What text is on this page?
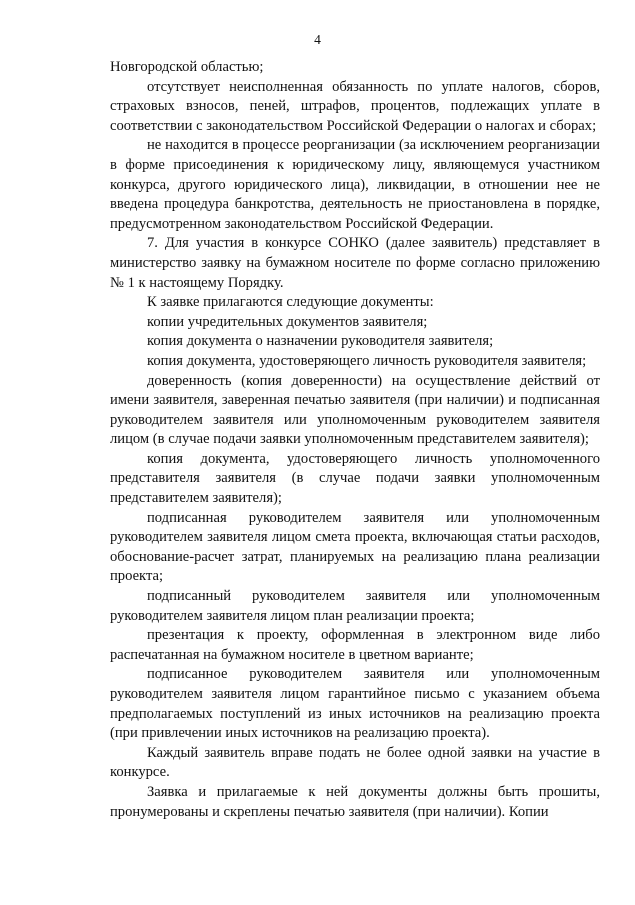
4

Новгородской областью;

отсутствует неисполненная обязанность по уплате налогов, сборов, страховых взносов, пеней, штрафов, процентов, подлежащих уплате в соответствии с законодательством Российской Федерации о налогах и сборах;

не находится в процессе реорганизации (за исключением реорганизации в форме присоединения к юридическому лицу, являющемуся участником конкурса, другого юридического лица), ликвидации, в отношении нее не введена процедура банкротства, деятельность не приостановлена в порядке, предусмотренном законодательством Российской Федерации.

7. Для участия в конкурсе СОНКО (далее заявитель) представляет в министерство заявку на бумажном носителе по форме согласно приложению № 1 к настоящему Порядку.

К заявке прилагаются следующие документы:

копии учредительных документов заявителя;

копия документа о назначении руководителя заявителя;

копия документа, удостоверяющего личность руководителя заявителя;

доверенность (копия доверенности) на осуществление действий от имени заявителя, заверенная печатью заявителя (при наличии) и подписанная руководителем заявителя или уполномоченным руководителем заявителя лицом (в случае подачи заявки уполномоченным представителем заявителя);

копия документа, удостоверяющего личность уполномоченного представителя заявителя (в случае подачи заявки уполномоченным представителем заявителя);

подписанная руководителем заявителя или уполномоченным руководителем заявителя лицом смета проекта, включающая статьи расходов, обоснование-расчет затрат, планируемых на реализацию плана реализации проекта;

подписанный руководителем заявителя или уполномоченным руководителем заявителя лицом план реализации проекта;

презентация к проекту, оформленная в электронном виде либо распечатанная на бумажном носителе в цветном варианте;

подписанное руководителем заявителя или уполномоченным руководителем заявителя лицом гарантийное письмо с указанием объема предполагаемых поступлений из иных источников на реализацию проекта (при привлечении иных источников на реализацию проекта).

Каждый заявитель вправе подать не более одной заявки на участие в конкурсе.

Заявка и прилагаемые к ней документы должны быть прошиты, пронумерованы и скреплены печатью заявителя (при наличии). Копии
